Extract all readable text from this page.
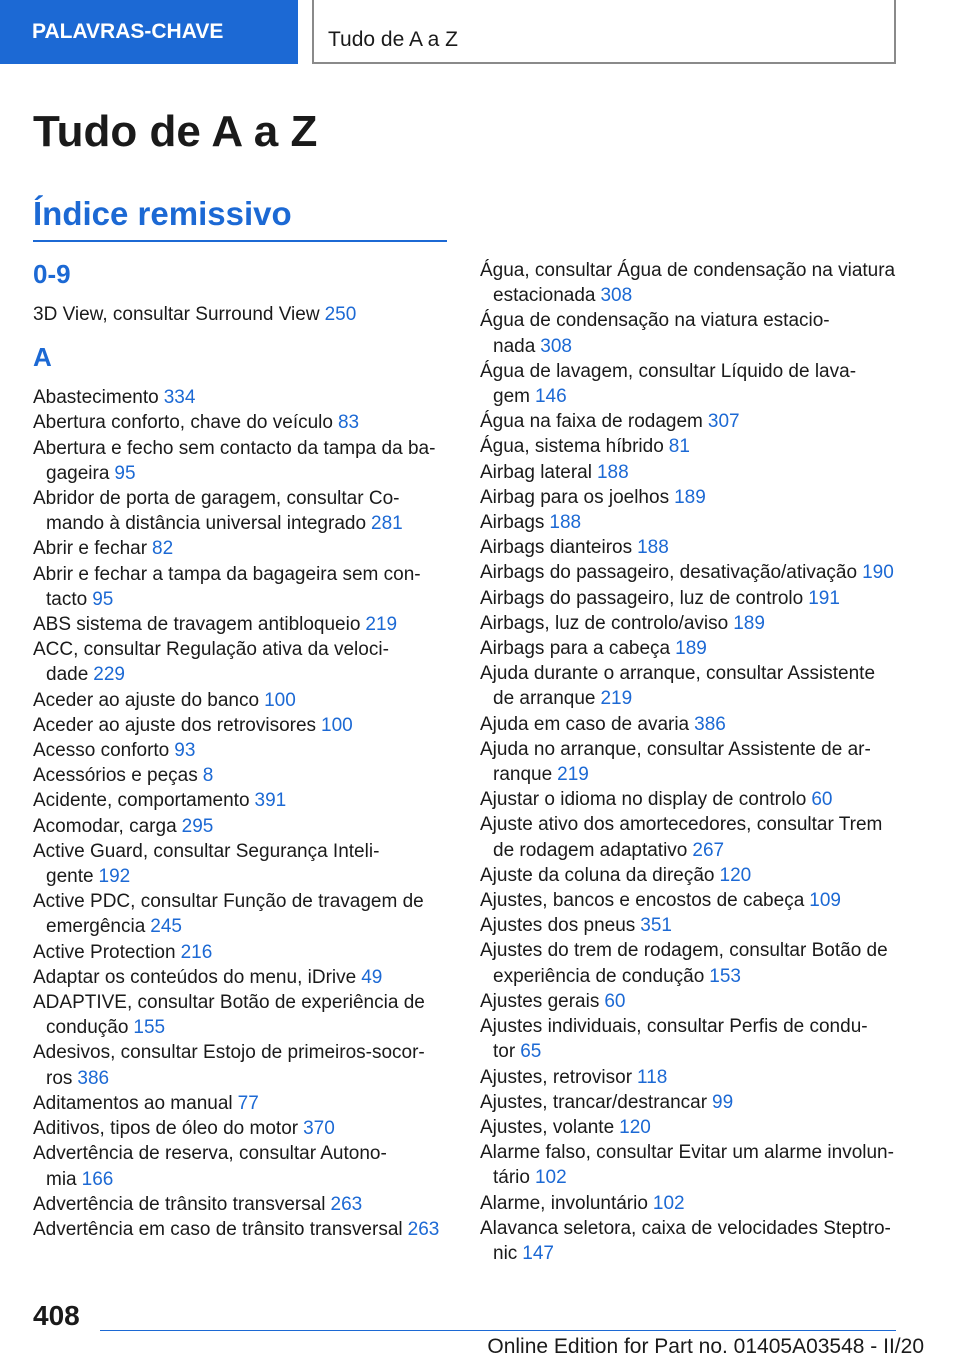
PALAVRAS-CHAVE	Tudo de A a Z
Tudo de A a Z
Índice remissivo
0-9
3D View, consultar Surround View 250
A
Abastecimento 334
Abertura conforto, chave do veículo 83
Abertura e fecho sem contacto da tampa da ba-
gageira 95
Abridor de porta de garagem, consultar Co-
mando à distância universal integrado 281
Abrir e fechar 82
Abrir e fechar a tampa da bagageira sem con-
tacto 95
ABS sistema de travagem antibloqueio 219
ACC, consultar Regulação ativa da veloci-
dade 229
Aceder ao ajuste do banco 100
Aceder ao ajuste dos retrovisores 100
Acesso conforto 93
Acessórios e peças 8
Acidente, comportamento 391
Acomodar, carga 295
Active Guard, consultar Segurança Inteli-
gente 192
Active PDC, consultar Função de travagem de
emergência 245
Active Protection 216
Adaptar os conteúdos do menu, iDrive 49
ADAPTIVE, consultar Botão de experiência de
condução 155
Adesivos, consultar Estojo de primeiros-socor-
ros 386
Aditamentos ao manual 77
Aditivos, tipos de óleo do motor 370
Advertência de reserva, consultar Autono-
mia 166
Advertência de trânsito transversal 263
Advertência em caso de trânsito transversal 263
Água, consultar Água de condensação na viatura
estacionada 308
Água de condensação na viatura estacio-
nada 308
Água de lavagem, consultar Líquido de lava-
gem 146
Água na faixa de rodagem 307
Água, sistema híbrido 81
Airbag lateral 188
Airbag para os joelhos 189
Airbags 188
Airbags dianteiros 188
Airbags do passageiro, desativação/ativação 190
Airbags do passageiro, luz de controlo 191
Airbags, luz de controlo/aviso 189
Airbags para a cabeça 189
Ajuda durante o arranque, consultar Assistente
de arranque 219
Ajuda em caso de avaria 386
Ajuda no arranque, consultar Assistente de ar-
ranque 219
Ajustar o idioma no display de controlo 60
Ajuste ativo dos amortecedores, consultar Trem
de rodagem adaptativo 267
Ajuste da coluna da direção 120
Ajustes, bancos e encostos de cabeça 109
Ajustes dos pneus 351
Ajustes do trem de rodagem, consultar Botão de
experiência de condução 153
Ajustes gerais 60
Ajustes individuais, consultar Perfis de condu-
tor 65
Ajustes, retrovisor 118
Ajustes, trancar/destrancar 99
Ajustes, volante 120
Alarme falso, consultar Evitar um alarme involun-
tário 102
Alarme, involuntário 102
Alavanca seletora, caixa de velocidades Steptro-
nic 147
408
Online Edition for Part no. 01405A03548 - II/20
